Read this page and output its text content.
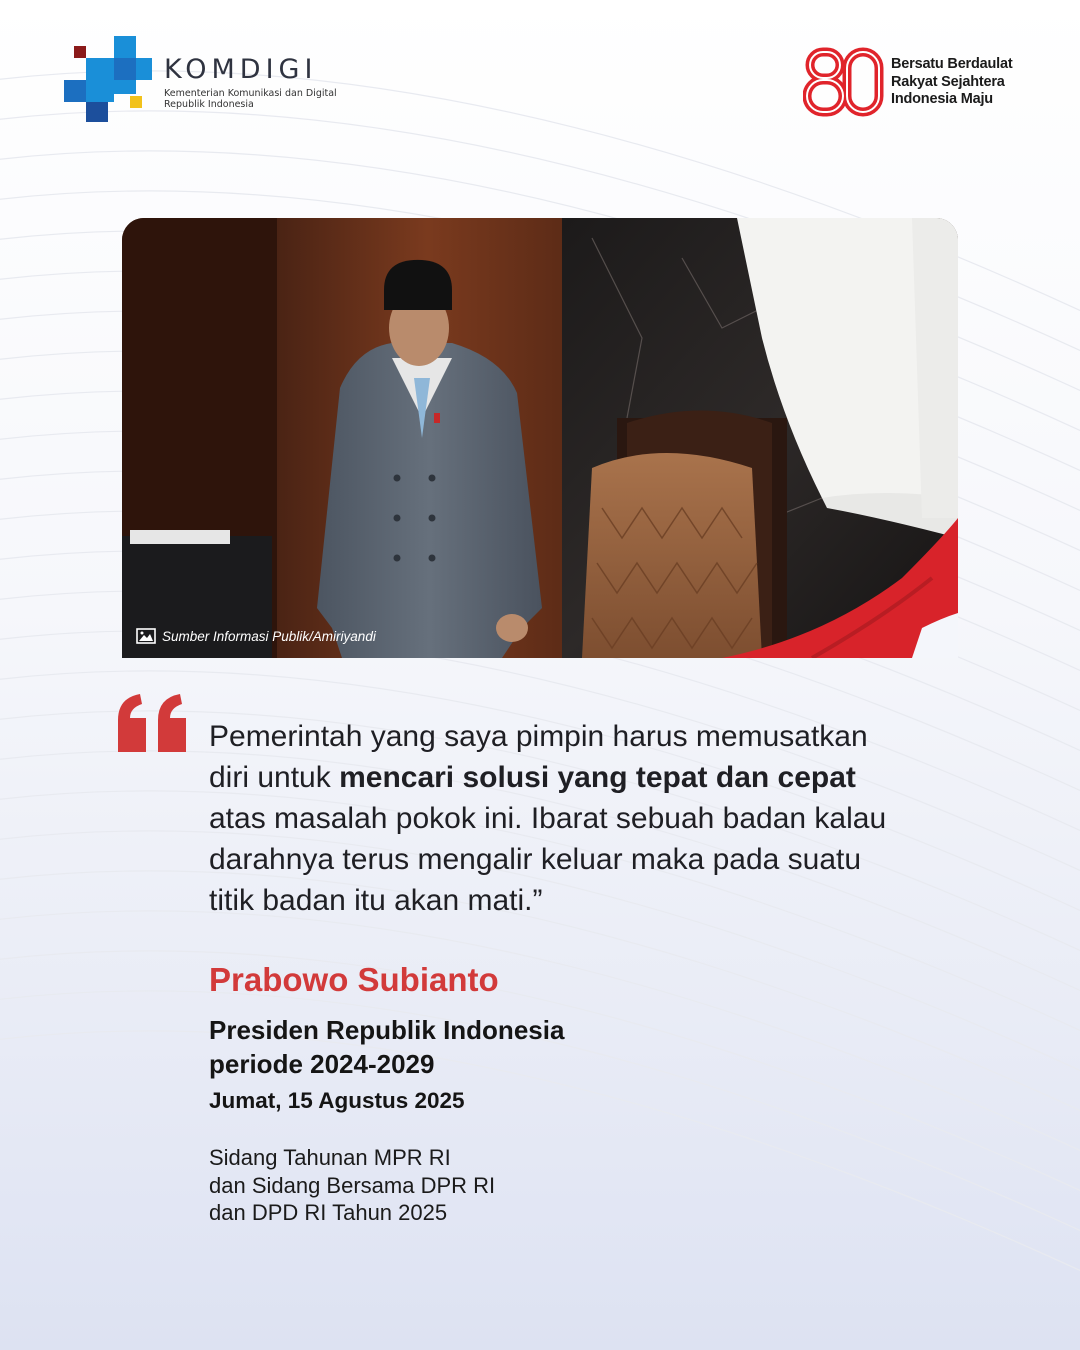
KOMDIGI
Kementerian Komunikasi dan Digital
Republik Indonesia
80
Bersatu Berdaulat
Rakyat Sejahtera
Indonesia Maju
Sumber Informasi Publik/Amiriyandi
Pemerintah yang saya pimpin harus memusatkan
diri untuk mencari solusi yang tepat dan cepat
atas masalah pokok ini. Ibarat sebuah badan kalau
darahnya terus mengalir keluar maka pada suatu
titik badan itu akan mati.”
Prabowo Subianto
Presiden Republik Indonesia
periode 2024-2029
Jumat, 15 Agustus 2025
Sidang Tahunan MPR RI
dan Sidang Bersama DPR RI
dan DPD RI Tahun 2025
